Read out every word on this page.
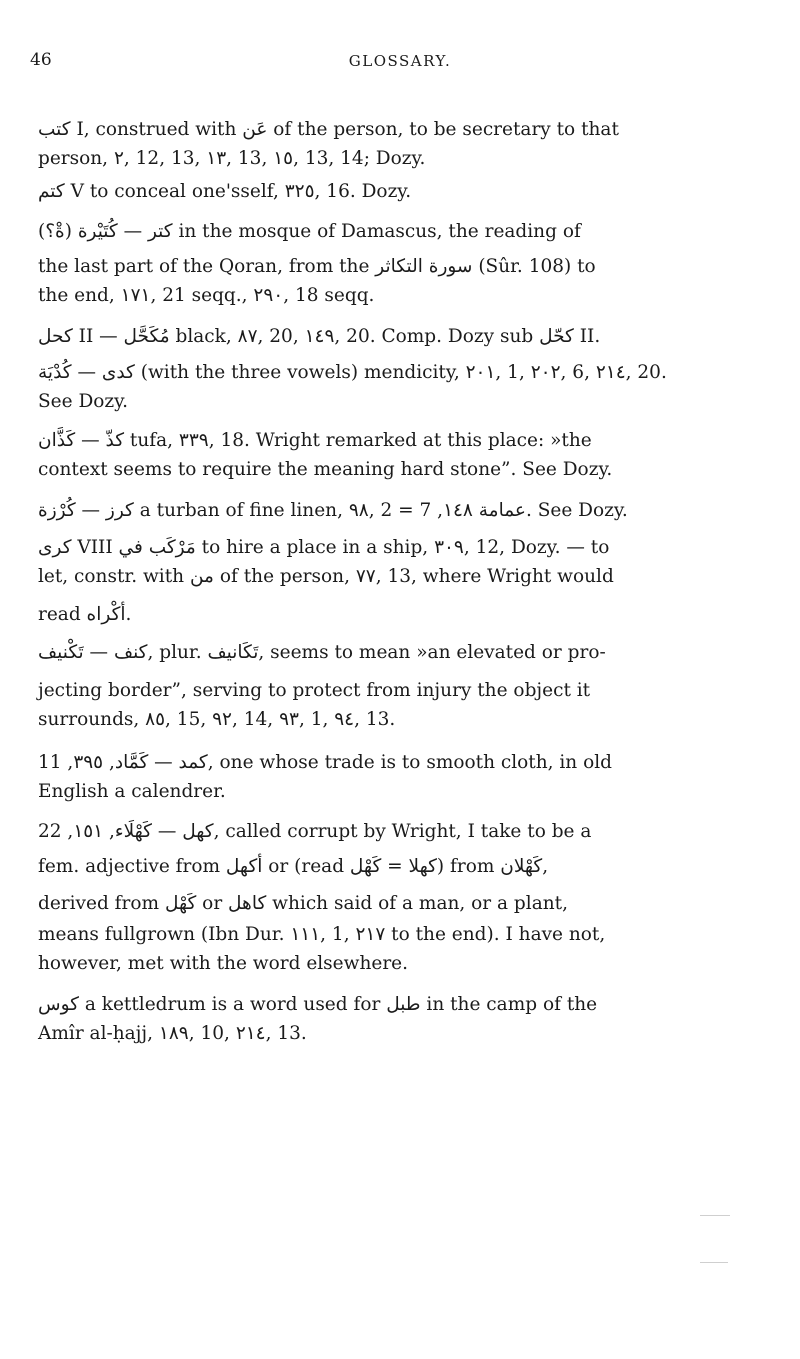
46	GLOSSARY.
كتب I, construed with عَن of the person, to be secretary to that
person, ٢, 12, 13, ١٣, 13, ١٥, 13, 14; Dozy.
كتم V to conceal one'sself, ٣٢٥, 16. Dozy.
كتر — كُتَيْرة (ةْ؟) in the mosque of Damascus, the reading of
the last part of the Qoran, from the سورة التكاثر (Sûr. 108) to
the end, ١٧١, 21 seqq., ٢٩٠, 18 seqq.
كحل II — مُكَحَّل black, ٨٧, 20, ١٤٩, 20. Comp. Dozy sub كحّل II.
كدى — كُدْيَة (with the three vowels) mendicity, ٢٠١, 1, ٢٠٢, 6, ٢١٤, 20.
See Dozy.
كذّ — كَذَّان tufa, ٣٣٩, 18. Wright remarked at this place: »the
context seems to require the meaning hard stone”. See Dozy.
كرز — كُرْزة a turban of fine linen, ٩٨, 2 = عمامة ١٤٨, 7. See Dozy.
كرى VIII مَرْكَب في to hire a place in a ship, ٣٠٩, 12, Dozy. — to
let, constr. with من of the person, ٧٧, 13, where Wright would
read أكْراه.
كنف — تَكْنيف, plur. تَكَانيف, seems to mean »an elevated or pro-
jecting border”, serving to protect from injury the object it
surrounds, ٨٥, 15, ٩٢, 14, ٩٣, 1, ٩٤, 13.
كمد — كَمَّاد, ٣٩٥, 11, one whose trade is to smooth cloth, in old
English a calendrer.
كهل — كَهْلَاء, ١٥١, 22, called corrupt by Wright, I take to be a
fem. adjective from أكهل or (read كهلا = كَهْل) from كَهْلان,
derived from كَهْل or كاهل which said of a man, or a plant,
means fullgrown (Ibn Dur. ١١١, 1, ٢١٧ to the end). I have not,
however, met with the word elsewhere.
كوس a kettledrum is a word used for طبل in the camp of the
Amîr al-ḥajj, ١٨٩, 10, ٢١٤, 13.
